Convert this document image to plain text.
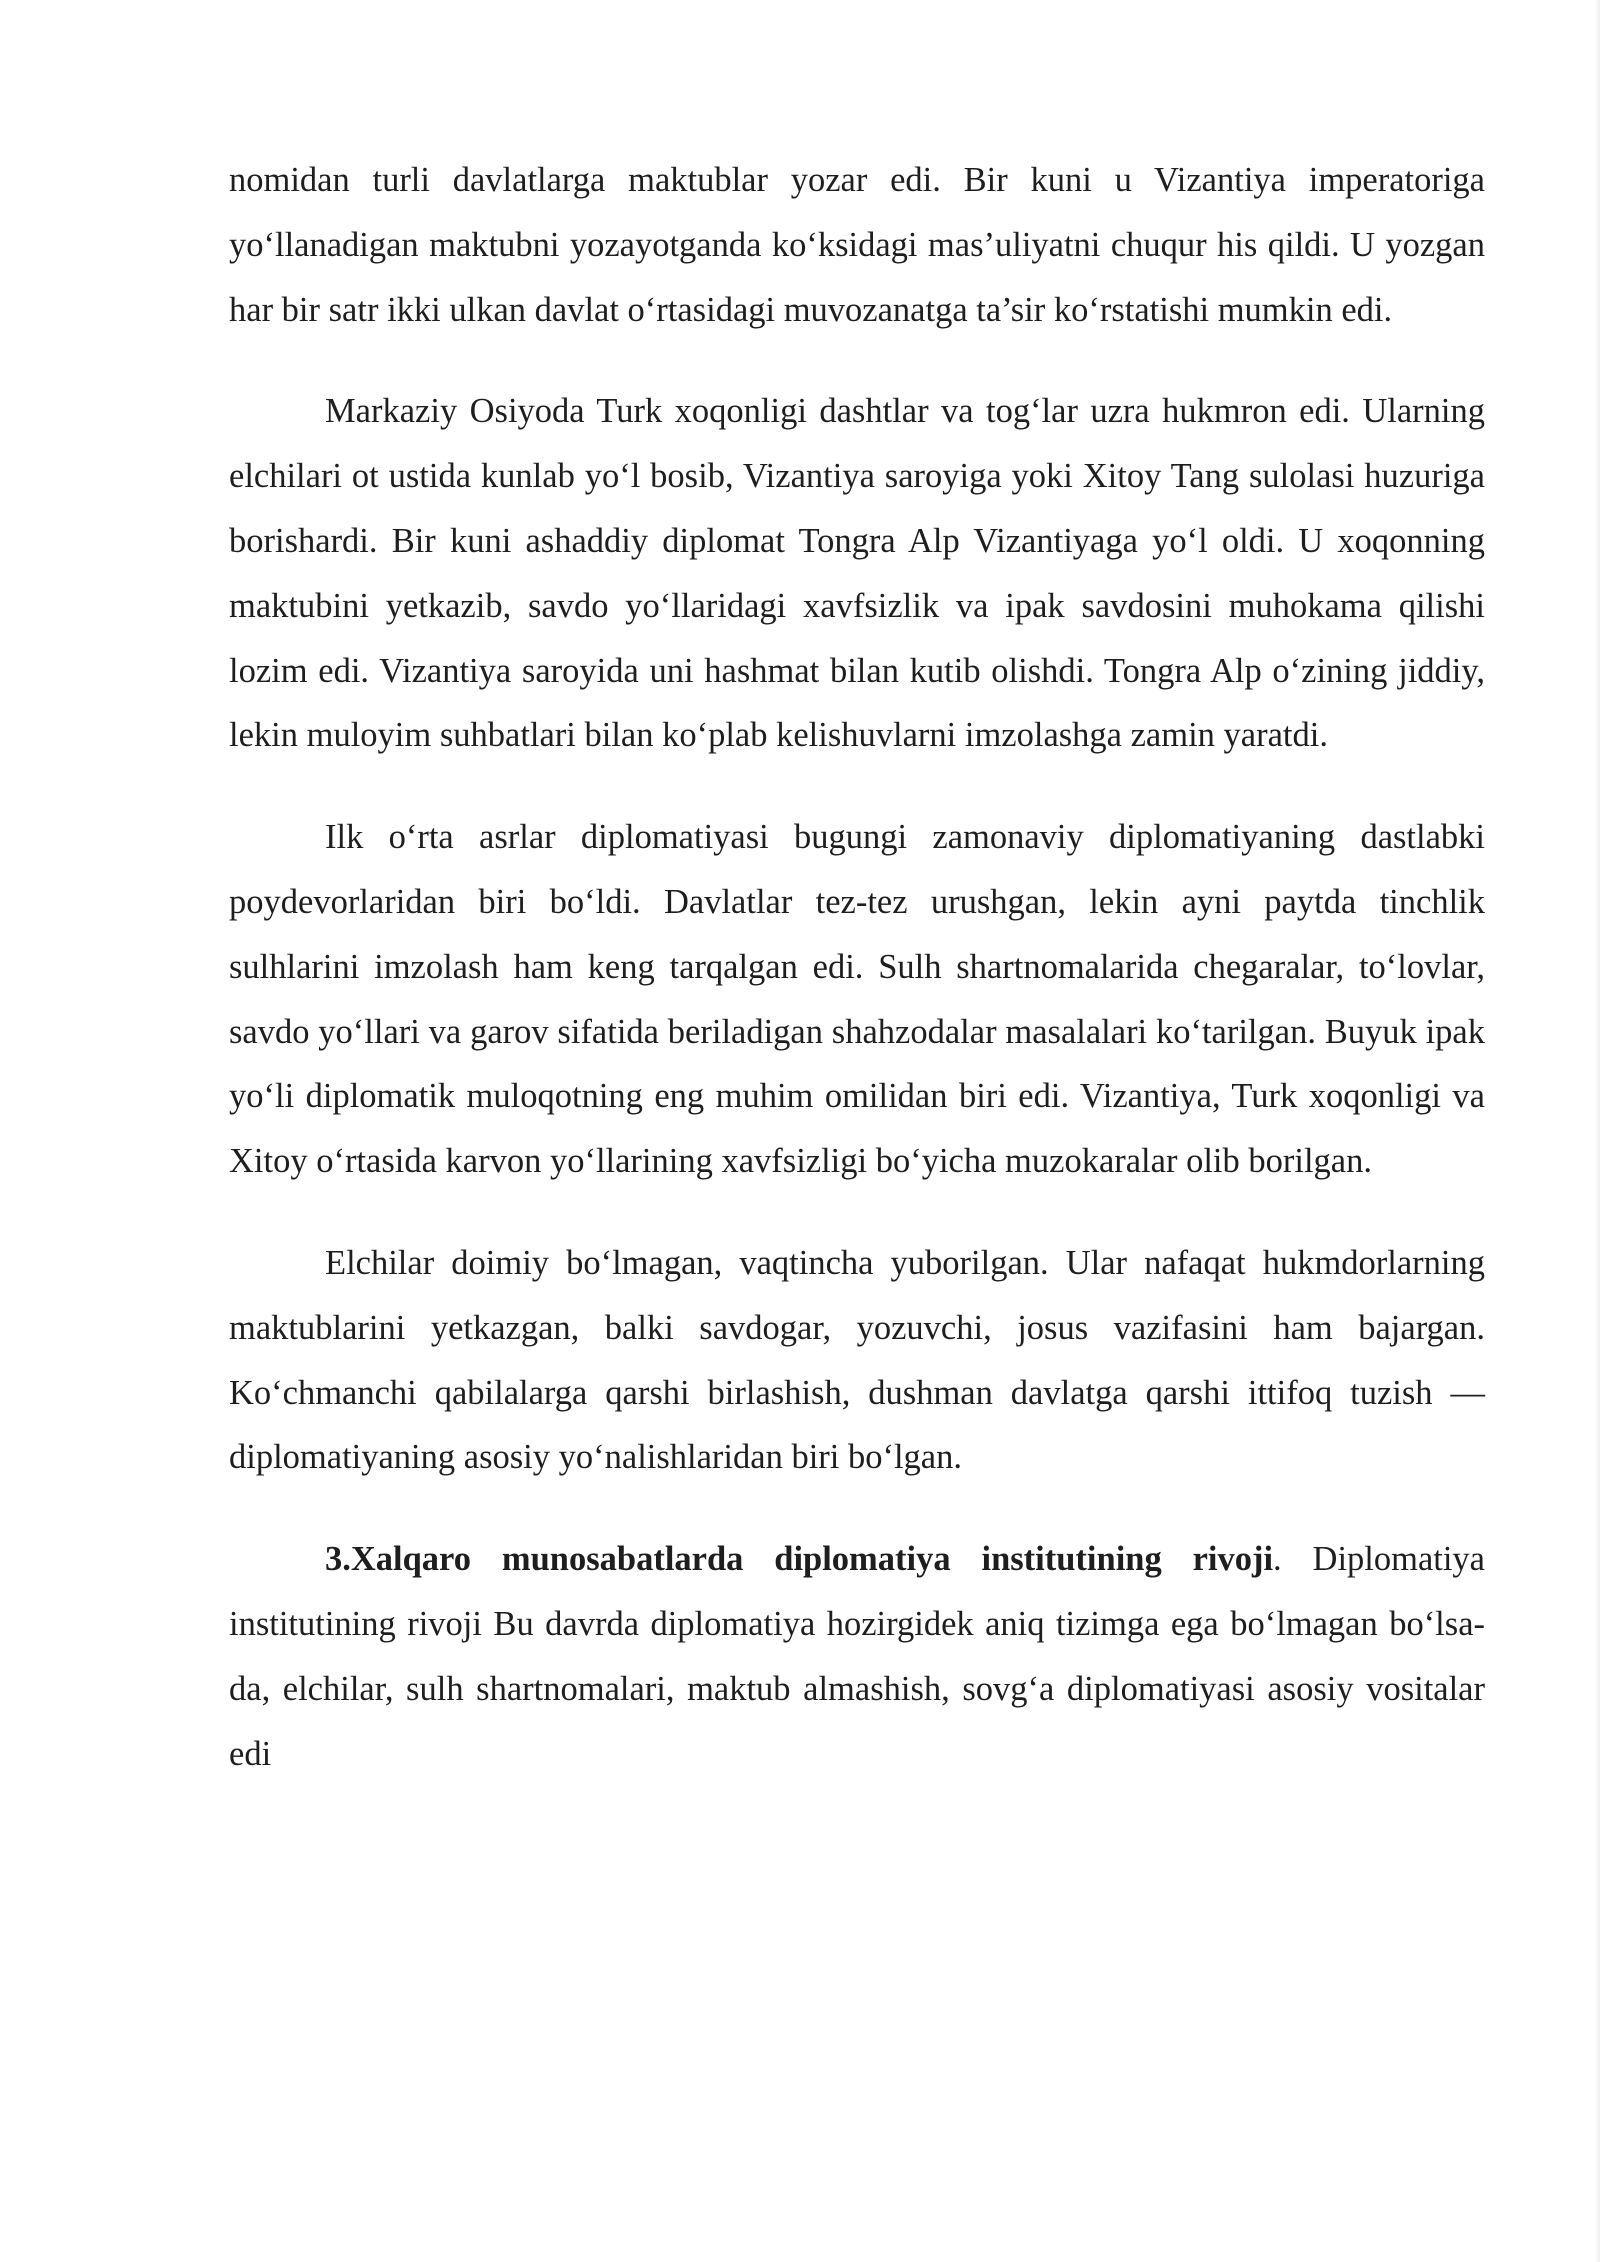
nomidan turli davlatlarga maktublar yozar edi. Bir kuni u Vizantiya imperatoriga yo‘llanadigan maktubni yozayotganda ko‘ksidagi mas’uliyatni chuqur his qildi. U yozgan har bir satr ikki ulkan davlat o‘rtasidagi muvozanatga ta’sir ko‘rstatishi mumkin edi.

Markaziy Osiyoda Turk xoqonligi dashtlar va tog‘lar uzra hukmron edi. Ularning elchilari ot ustida kunlab yo‘l bosib, Vizantiya saroyiga yoki Xitoy Tang sulolasi huzuriga borishardi. Bir kuni ashaddiy diplomat Tongra Alp Vizantiyaga yo‘l oldi. U xoqonning maktubini yetkazib, savdo yo‘llaridagi xavfsizlik va ipak savdosini muhokama qilishi lozim edi. Vizantiya saroyida uni hashmat bilan kutib olishdi. Tongra Alp o‘zining jiddiy, lekin muloyim suhbatlari bilan ko‘plab kelishuvlarni imzolashga zamin yaratdi.

Ilk o‘rta asrlar diplomatiyasi bugungi zamonaviy diplomatiyaning dastlabki poydevorlaridan biri bo‘ldi. Davlatlar tez-tez urushgan, lekin ayni paytda tinchlik sulhlarini imzolash ham keng tarqalgan edi. Sulh shartnomalarida chegaralar, to‘lovlar, savdo yo‘llari va garov sifatida beriladigan shahzodalar masalalari ko‘tarilgan. Buyuk ipak yo‘li diplomatik muloqotning eng muhim omilidan biri edi. Vizantiya, Turk xoqonligi va Xitoy o‘rtasida karvon yo‘llarining xavfsizligi bo‘yicha muzokaralar olib borilgan.

Elchilar doimiy bo‘lmagan, vaqtincha yuborilgan. Ular nafaqat hukmdorlarning maktublarini yetkazgan, balki savdogar, yozuvchi, josus vazifasini ham bajargan. Ko‘chmanchi qabilalarga qarshi birlashish, dushman davlatga qarshi ittifoq tuzish — diplomatiyaning asosiy yo‘nalishlaridan biri bo‘lgan.

3.Xalqaro munosabatlarda diplomatiya institutining rivoji. Diplomatiya institutining rivoji Bu davrda diplomatiya hozirgidek aniq tizimga ega bo‘lmagan bo‘lsa-da, elchilar, sulh shartnomalari, maktub almashish, sovg‘a diplomatiyasi asosiy vositalar edi
